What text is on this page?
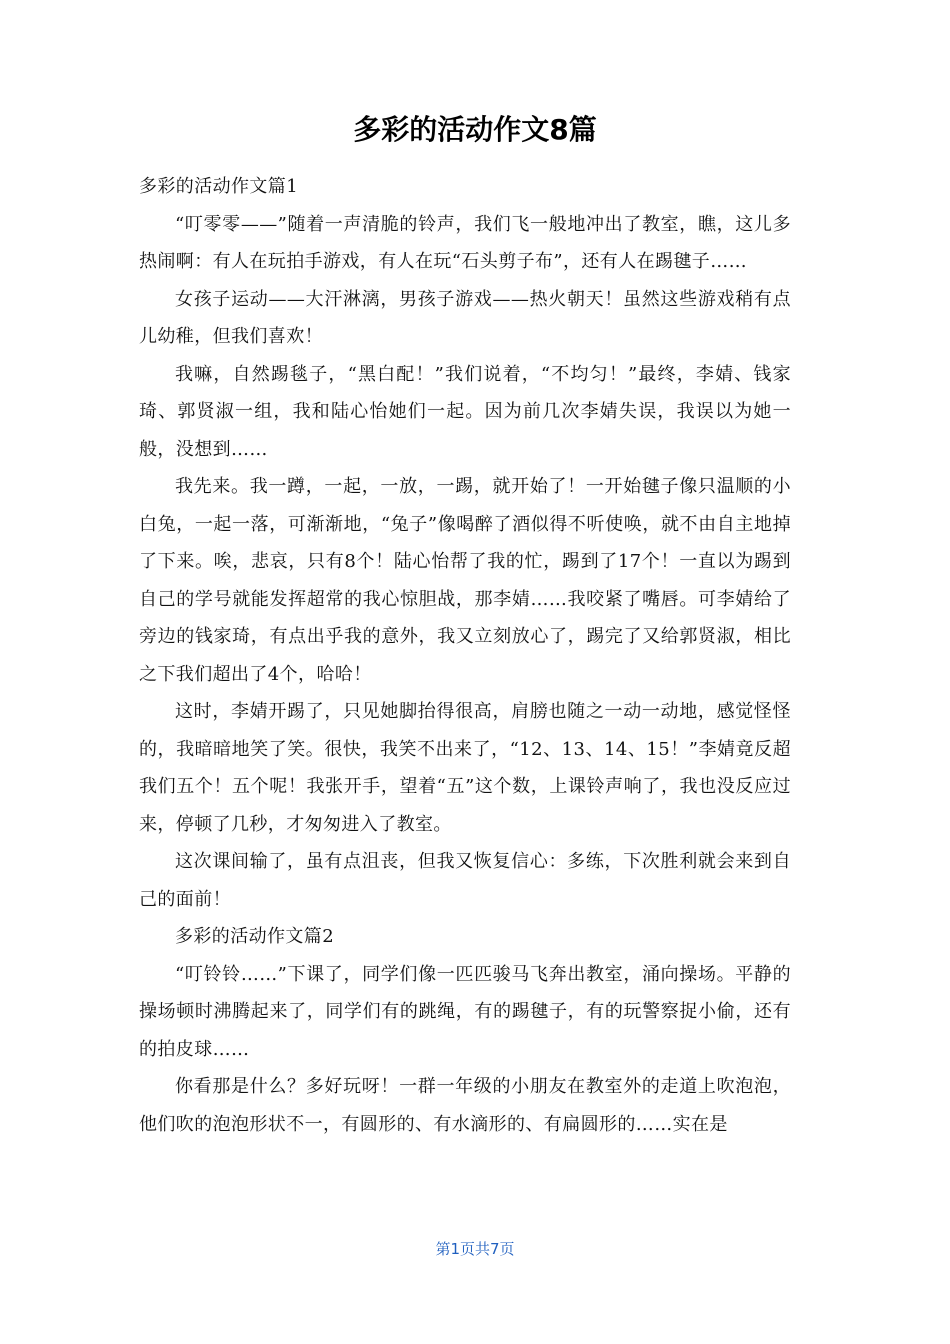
多彩的活动作文8篇

多彩的活动作文篇1

“叮零零——”随着一声清脆的铃声，我们飞一般地冲出了教室，瞧，这儿多热闹啊：有人在玩拍手游戏，有人在玩“石头剪子布”，还有人在踢毽子……

女孩子运动——大汗淋漓，男孩子游戏——热火朝天！虽然这些游戏稍有点儿幼稚，但我们喜欢！

我嘛，自然踢毯子，“黑白配！”我们说着，“不均匀！”最终，李婧、钱家琦、郭贤淑一组，我和陆心怡她们一起。因为前几次李婧失误，我误以为她一般，没想到……

我先来。我一蹲，一起，一放，一踢，就开始了！一开始毽子像只温顺的小白兔，一起一落，可渐渐地，“兔子”像喝醉了酒似得不听使唤，就不由自主地掉了下来。唉，悲哀，只有8个！陆心怡帮了我的忙，踢到了17个！一直以为踢到自己的学号就能发挥超常的我心惊胆战，那李婧……我咬紧了嘴唇。可李婧给了旁边的钱家琦，有点出乎我的意外，我又立刻放心了，踢完了又给郭贤淑，相比之下我们超出了4个，哈哈！

这时，李婧开踢了，只见她脚抬得很高，肩膀也随之一动一动地，感觉怪怪的，我暗暗地笑了笑。很快，我笑不出来了，“12、13、14、15！”李婧竟反超我们五个！五个呢！我张开手，望着“五”这个数，上课铃声响了，我也没反应过来，停顿了几秒，才匆匆进入了教室。

这次课间输了，虽有点沮丧，但我又恢复信心：多练，下次胜利就会来到自己的面前！

多彩的活动作文篇2

“叮铃铃……”下课了，同学们像一匹匹骏马飞奔出教室，涌向操场。平静的操场顿时沸腾起来了，同学们有的跳绳，有的踢毽子，有的玩警察捉小偷，还有的拍皮球……

你看那是什么？多好玩呀！一群一年级的小朋友在教室外的走道上吹泡泡，他们吹的泡泡形状不一，有圆形的、有水滴形的、有扁圆形的……实在是

第1页共7页
